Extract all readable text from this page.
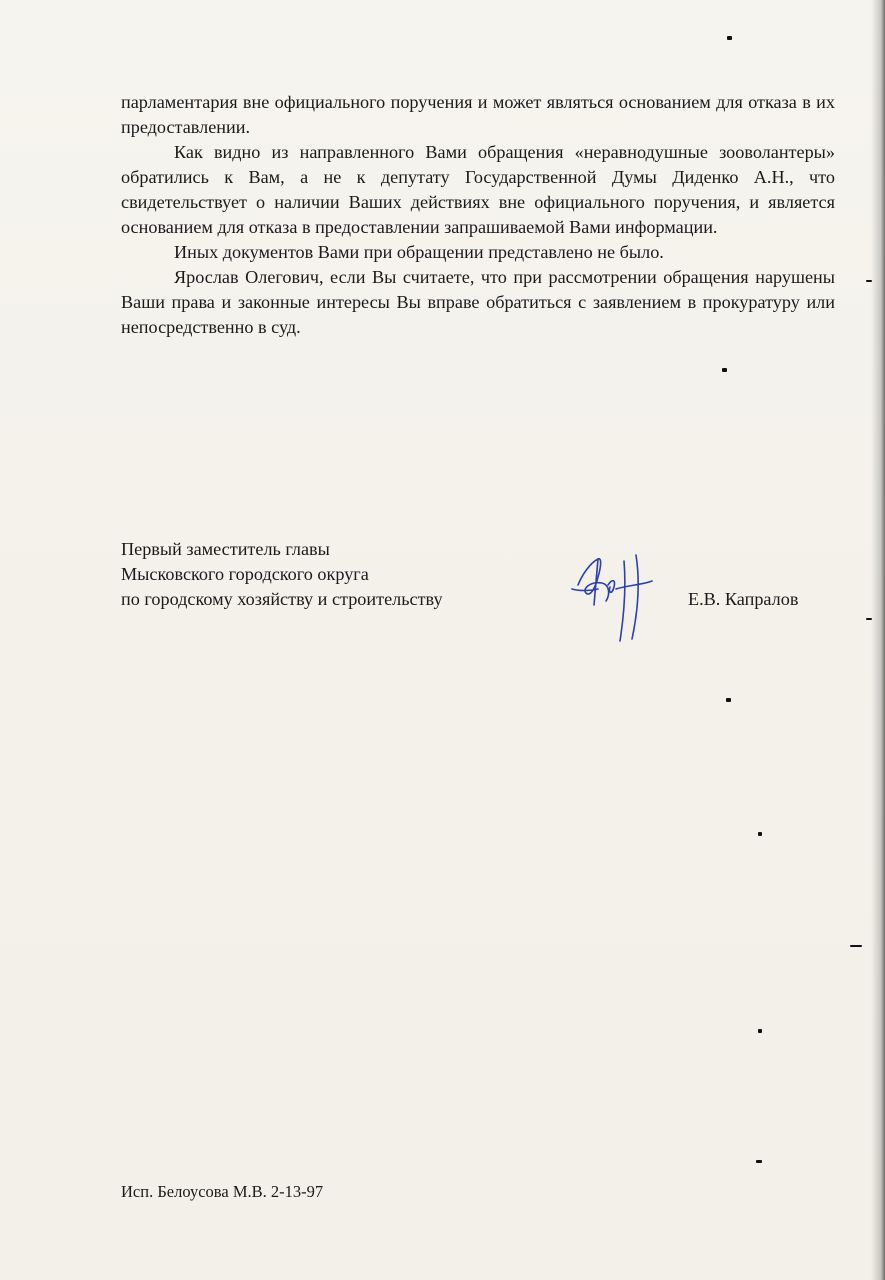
парламентария вне официального поручения и может являться основанием для отказа в их предоставлении.

Как видно из направленного Вами обращения «неравнодушные зооволантеры» обратились к Вам, а не к депутату Государственной Думы Диденко А.Н., что свидетельствует о наличии Ваших действиях вне официального поручения, и является основанием для отказа в предоставлении запрашиваемой Вами информации.

Иных документов Вами при обращении представлено не было.

Ярослав Олегович, если Вы считаете, что при рассмотрении обращения нарушены Ваши права и законные интересы Вы вправе обратиться с заявлением в прокуратуру или непосредственно в суд.

Первый заместитель главы
Мысковского городского округа
по городскому хозяйству и строительству	Е.В. Капралов
Исп. Белоусова М.В. 2-13-97
